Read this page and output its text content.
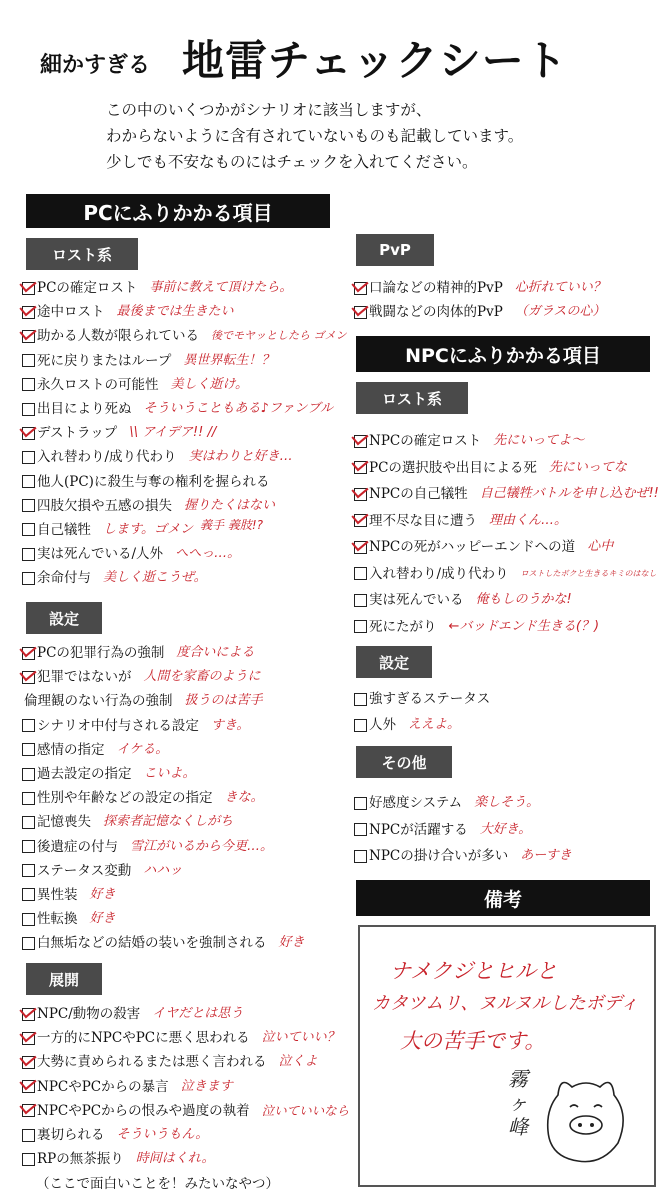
細かすぎる 地雷チェックシート
この中のいくつかがシナリオに該当しますが、
わからないように含有されていないものも記載しています。
少しでも不安なものにはチェックを入れてください。
PCにふりかかる項目
ロスト系
PCの確定ロスト 事前に教えて頂けたら。
途中ロスト 最後までは生きたい
助かる人数が限られている 後でモヤッとしたら ゴメン
死に戻りまたはループ 異世界転生！？
永久ロストの可能性 美しく逝け。
出目により死ぬ そういうこともある♪ファンブル
デストラップ \\ アイデア!! //
入れ替わり/成り代わり 実はわりと好き…
他人(PC)に殺生与奪の権利を握られる
四肢欠損や五感の損失 握りたくはない
自己犠牲 します。ゴメン
実は死んでいる/人外 へへっ…。
余命付与 美しく逝こうぜ。
義手 義肢!?
設定
PCの犯罪行為の強制 度合いによる
犯罪ではないが 人間を家畜のように
倫理観のない行為の強制 扱うのは苦手
シナリオ中付与される設定 すき。
感情の指定 イケる。
過去設定の指定 こいよ。
性別や年齢などの設定の指定 きな。
記憶喪失 探索者記憶なくしがち
後遺症の付与 雪江がいるから今更…。
ステータス変動 ハハッ
異性装 好き
性転換 好き
白無垢などの結婚の装いを強制される 好き
展開
NPC/動物の殺害 イヤだとは思う
一方的にNPCやPCに悪く思われる 泣いていい？
大勢に責められるまたは悪く言われる 泣くよ
NPCやPCからの暴言 泣きます
NPCやPCからの恨みや過度の執着 泣いていいなら
裏切られる そういうもん。
RPの無茶振り 時间はくれ。
（ここで面白いことを！みたいなやつ）
PvP
口論などの精神的PvP 心折れていい？
戦闘などの肉体的PvP （ガラスの心）
NPCにふりかかる項目
ロスト系
NPCの確定ロスト 先にいってよ〜
PCの選択肢や出目による死 先にいってな
NPCの自己犠牲 自己犠牲バトルを申し込むぜ!!
理不尽な目に遭う 理由くん…。
NPCの死がハッピーエンドへの道 心中
入れ替わり/成り代わり ロストしたボクと生きるキミのはなし
実は死んでいる 俺もしのうかな!
死にたがり ←バッドエンド生きる(？)
設定
強すぎるステータス
人外 ええよ。
その他
好感度システム 楽しそう。
NPCが活躍する 大好き。
NPCの掛け合いが多い あーすき
備考
ナメクジとヒルと
カタツムリ、ヌルヌルしたボディ
大の苦手です。
霧ヶ峰
